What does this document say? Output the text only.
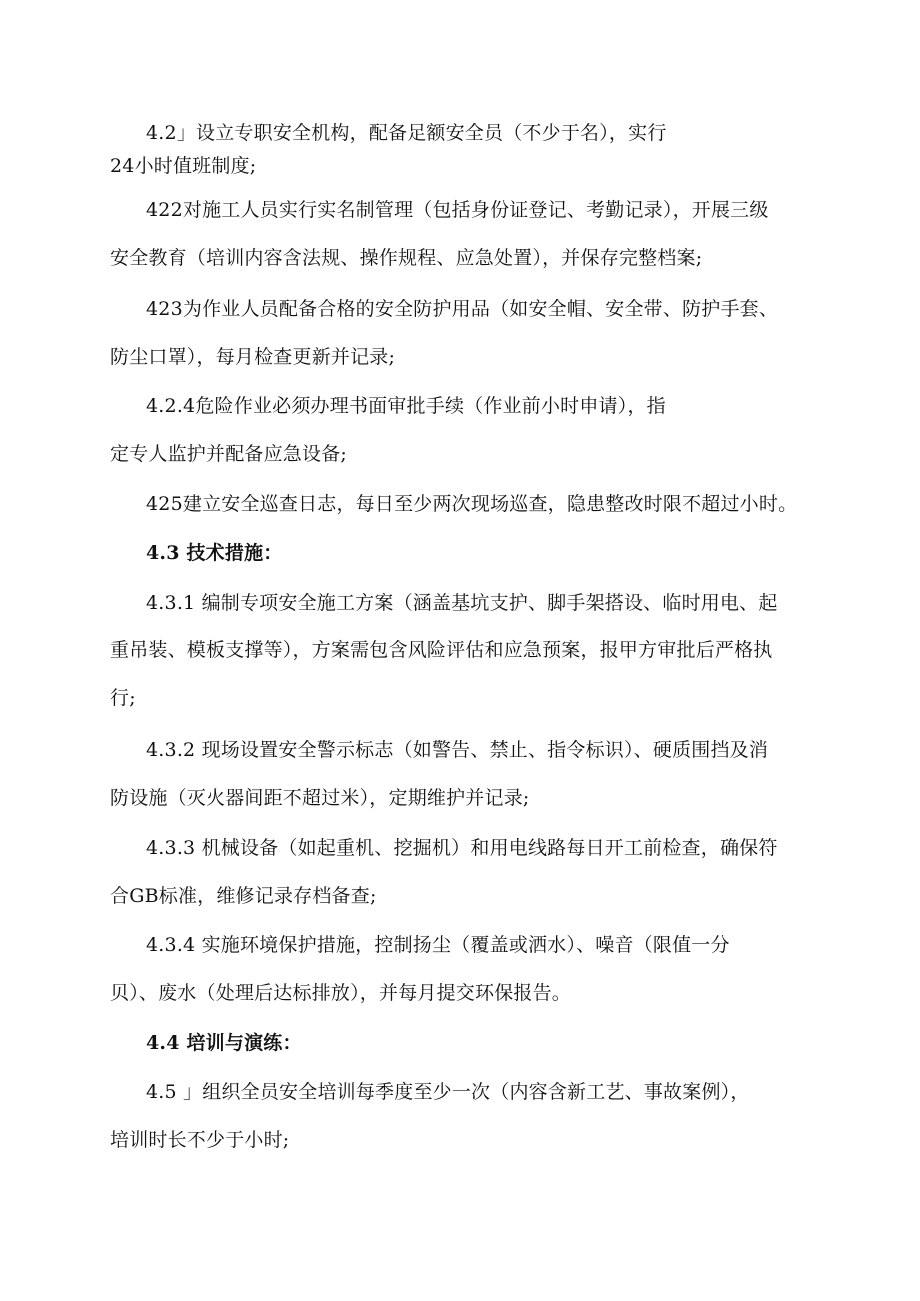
4.2」设立专职安全机构，配备足额安全员（不少于名），实行
24小时值班制度;
422对施工人员实行实名制管理（包括身份证登记、考勤记录），开展三级
安全教育（培训内容含法规、操作规程、应急处置），并保存完整档案;
423为作业人员配备合格的安全防护用品（如安全帽、安全带、防护手套、
防尘口罩），每月检查更新并记录;
4.2.4危险作业必须办理书面审批手续（作业前小时申请），指
定专人监护并配备应急设备;
425建立安全巡查日志，每日至少两次现场巡查，隐患整改时限不超过小时。
4.3 技术措施：
4.3.1 编制专项安全施工方案（涵盖基坑支护、脚手架搭设、临时用电、起
重吊装、模板支撑等），方案需包含风险评估和应急预案，报甲方审批后严格执
行;
4.3.2 现场设置安全警示标志（如警告、禁止、指令标识）、硬质围挡及消
防设施（灭火器间距不超过米），定期维护并记录;
4.3.3 机械设备（如起重机、挖掘机）和用电线路每日开工前检查，确保符
合GB标准，维修记录存档备查;
4.3.4 实施环境保护措施，控制扬尘（覆盖或洒水）、噪音（限值一分
贝）、废水（处理后达标排放），并每月提交环保报告。
4.4 培训与演练：
4.5 」组织全员安全培训每季度至少一次（内容含新工艺、事故案例），
培训时长不少于小时;
